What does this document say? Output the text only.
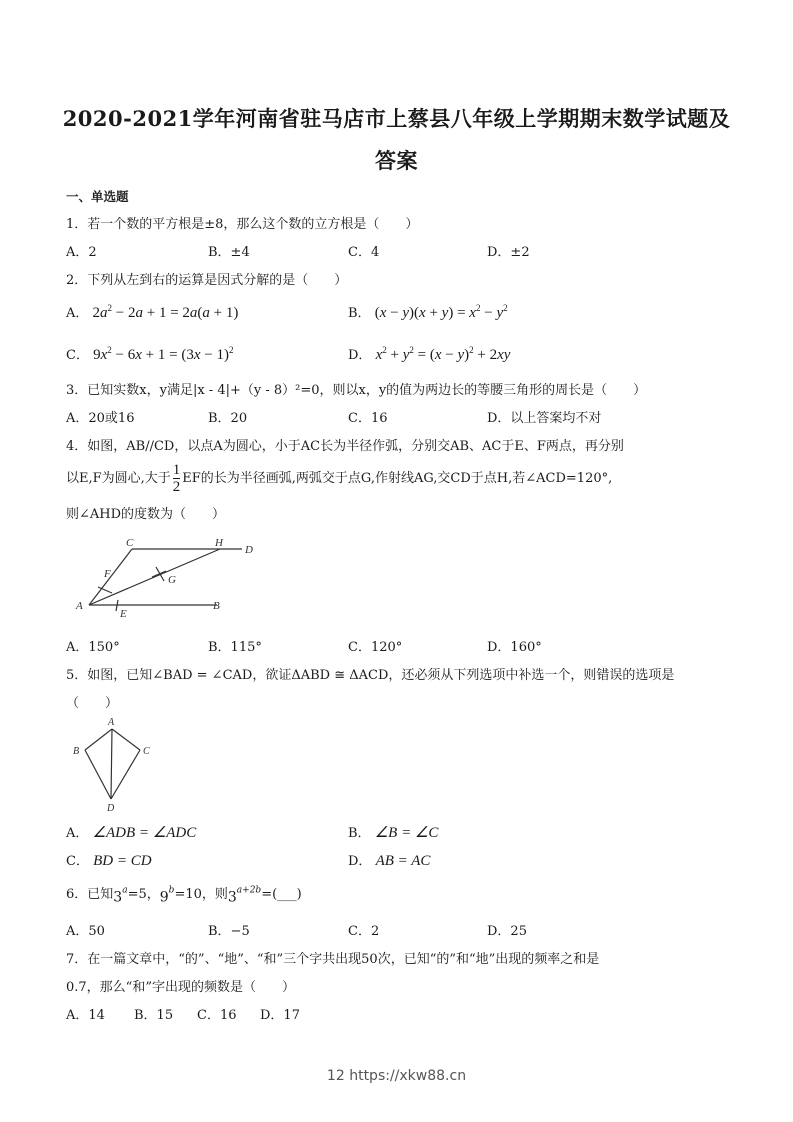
2020-2021学年河南省驻马店市上蔡县八年级上学期期末数学试题及
答案
一、单选题
1．若一个数的平方根是±8，那么这个数的立方根是（　　）
A．2	B．±4	C．4	D．±2
2．下列从左到右的运算是因式分解的是（　　）
A． $2a^2 - 2a + 1 = 2a(a + 1)$	B． $(x - y)(x + y) = x^2 - y^2$
C． $9x^2 - 6x + 1 = (3x - 1)^2$	D． $x^2 + y^2 = (x - y)^2 + 2xy$
3．已知实数x，y满足|x - 4|+（y - 8）²=0，则以x，y的值为两边长的等腰三角形的周长是（　　）
A．20或16	B．20	C．16	D．以上答案均不对
4．如图，AB//CD，以点A为圆心，小于AC长为半径作弧，分别交AB、AC于E、F两点，再分别
以E,F为圆心,大于 $\frac{1}{2}$ EF的长为半径画弧,两弧交于点G,作射线AG,交CD于点H,若∠ACD=120°,
则∠AHD的度数为（　　）
C	H
D
F	G
A
E
B
A．150°	B．115°	C．120°	D．160°
5．如图，已知∠BAD = ∠CAD，欲证ΔABD ≅ ΔACD，还必须从下列选项中补选一个，则错误的选项是
（　　）
A
B	C
D
A． ∠ADB = ∠ADC	B． ∠B = ∠C
C． BD = CD	D． AB = AC
6．已知$3^a=5$，$9^b=10$，则$3^{a+2b}=(\_\_\_)$
A．50	B．−5	C．2	D．25
7．在一篇文章中，“的”、“地”、“和”三个字共出现50次，已知“的”和“地”出现的频率之和是
0.7，那么“和”字出现的频数是（　　）
A．14 B．15 C．16 D．17
12 https://xkw88.cn
